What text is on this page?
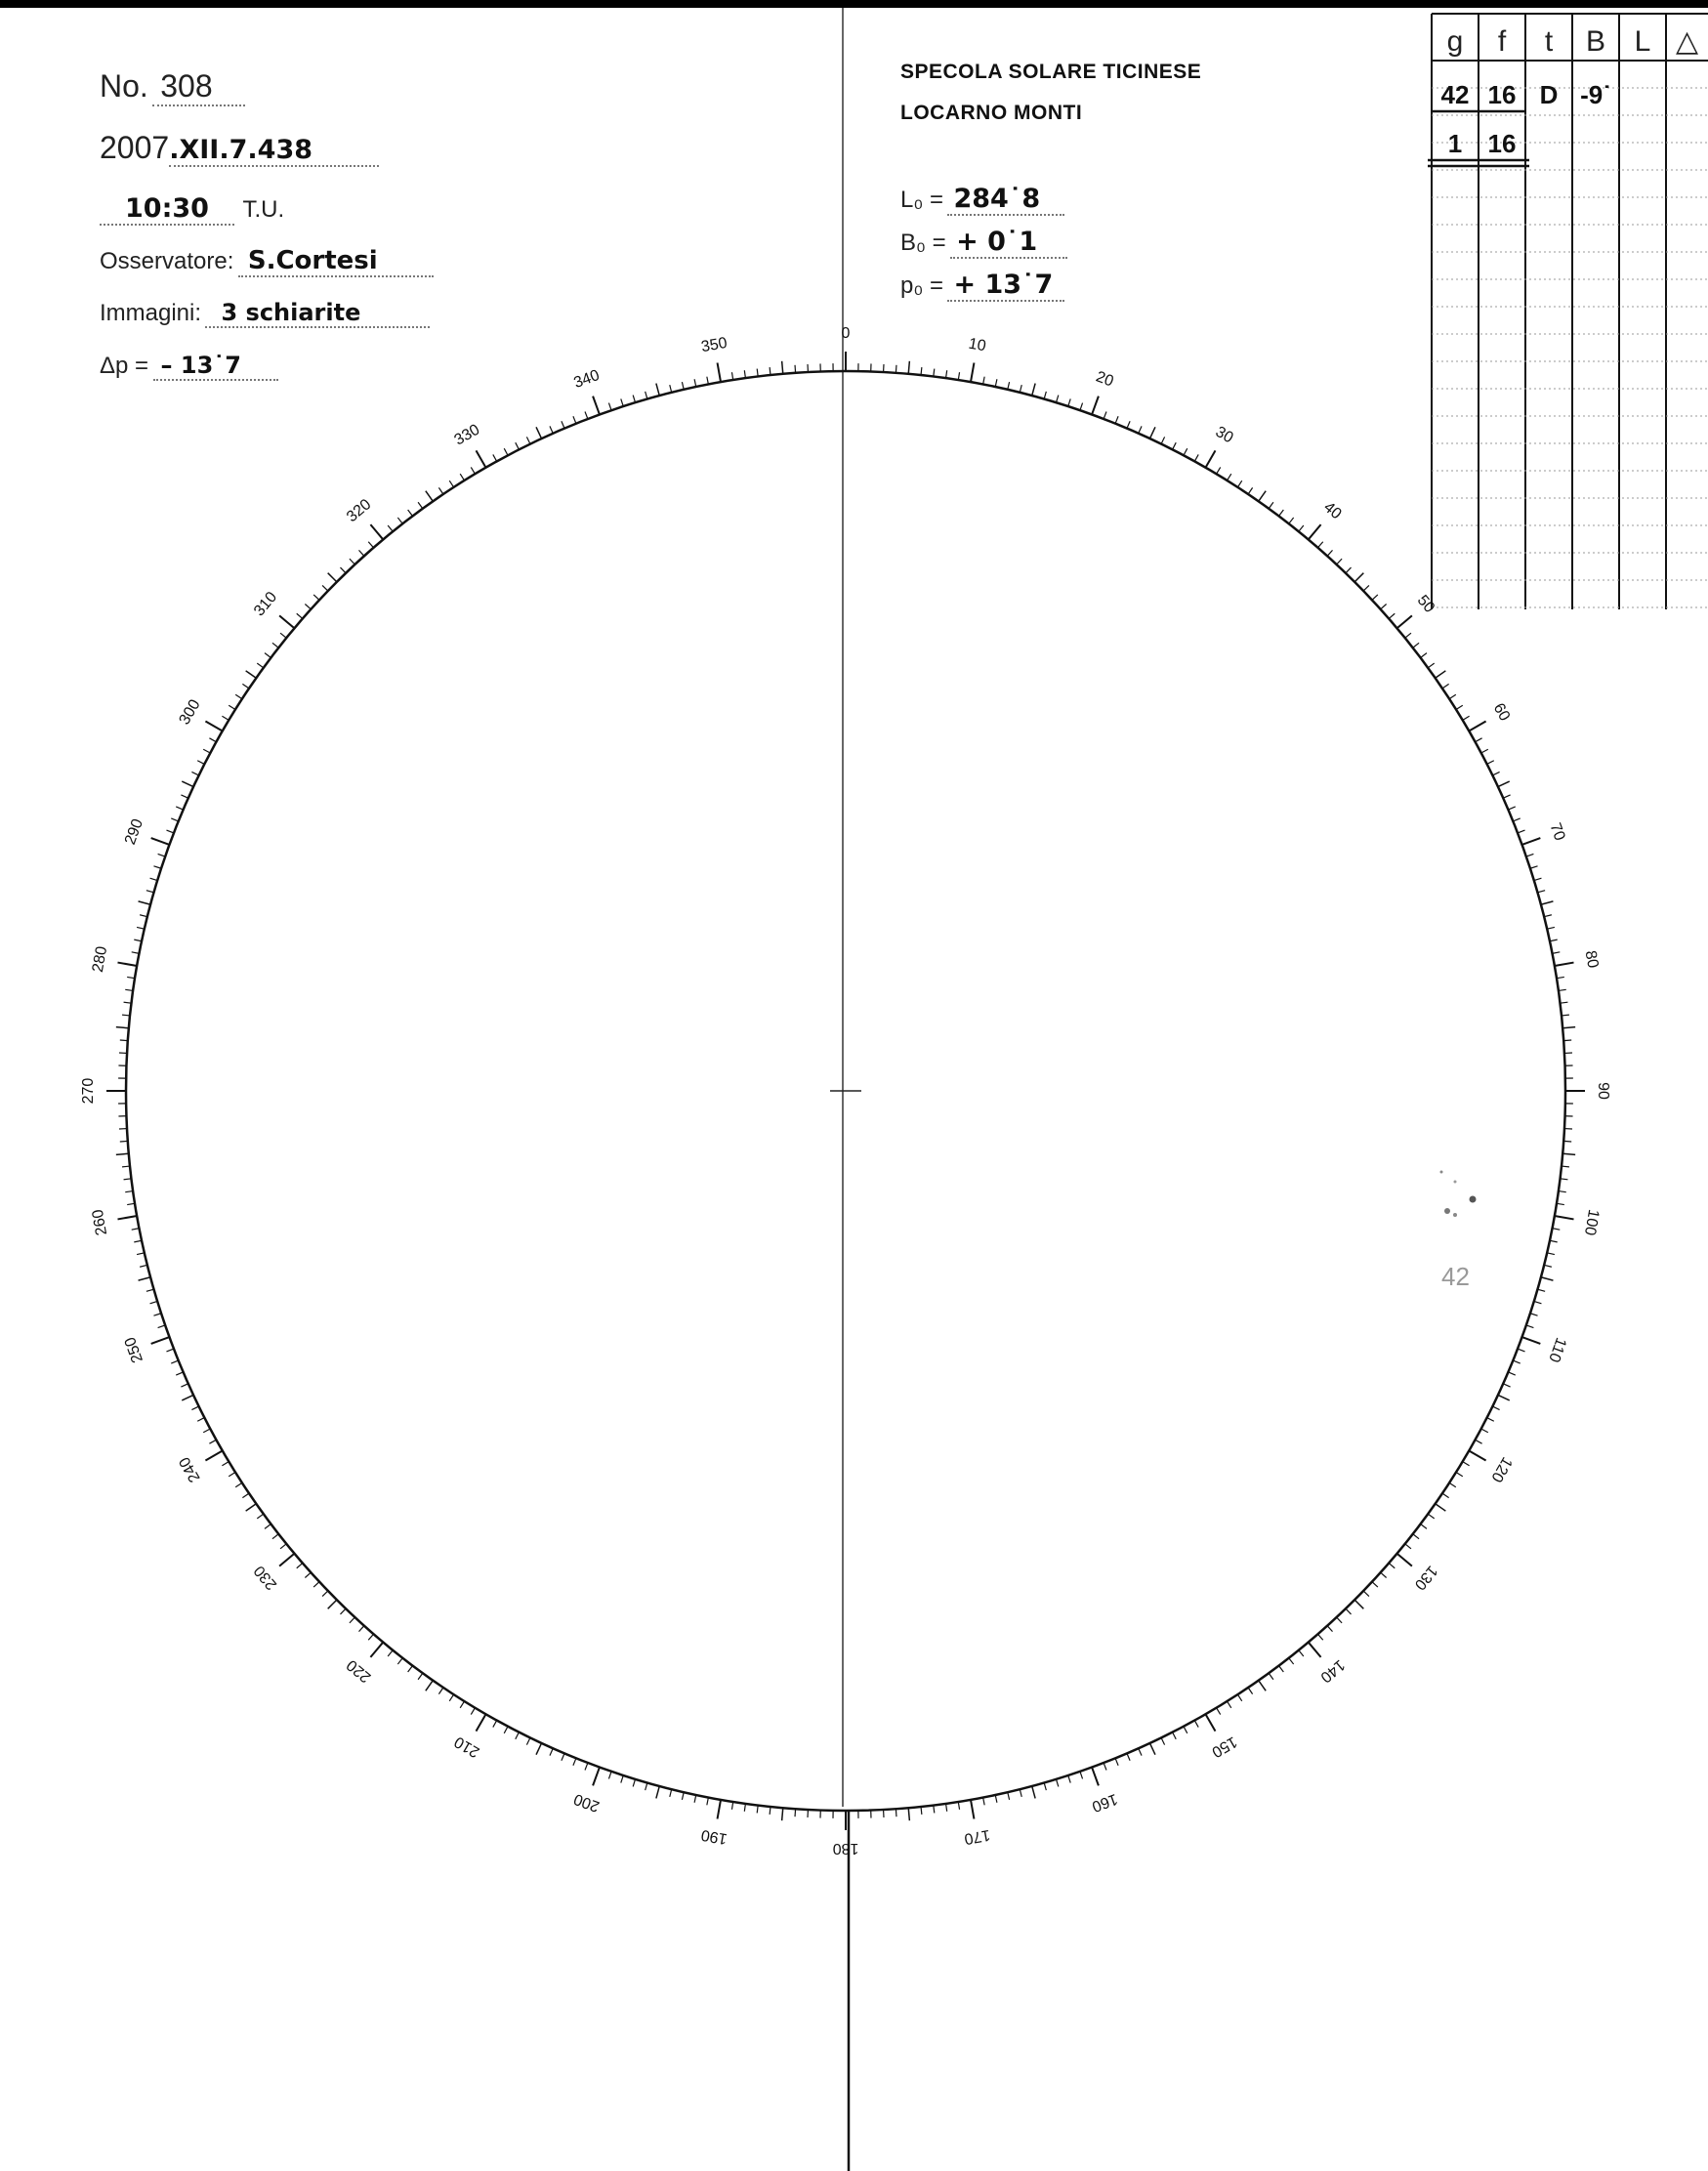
No. 308
2007.XII.7.438
10:30 T.U.
Osservatore: S.Cortesi
Immagini: 3 schiarite
Δp = – 13˙7
SPECOLA SOLARE TICINESE
LOCARNO MONTI
L₀ = 284˙8
B₀ = + 0˙1
p₀ = + 13˙7
g f t B L △
42 16 D -9˙
1 16
0
10
20
30
40
50
60
70
80
90
100
110
120
130
140
150
160
170
180
190
200
210
220
230
240
250
260
270
280
290
300
310
320
330
340
350
42
